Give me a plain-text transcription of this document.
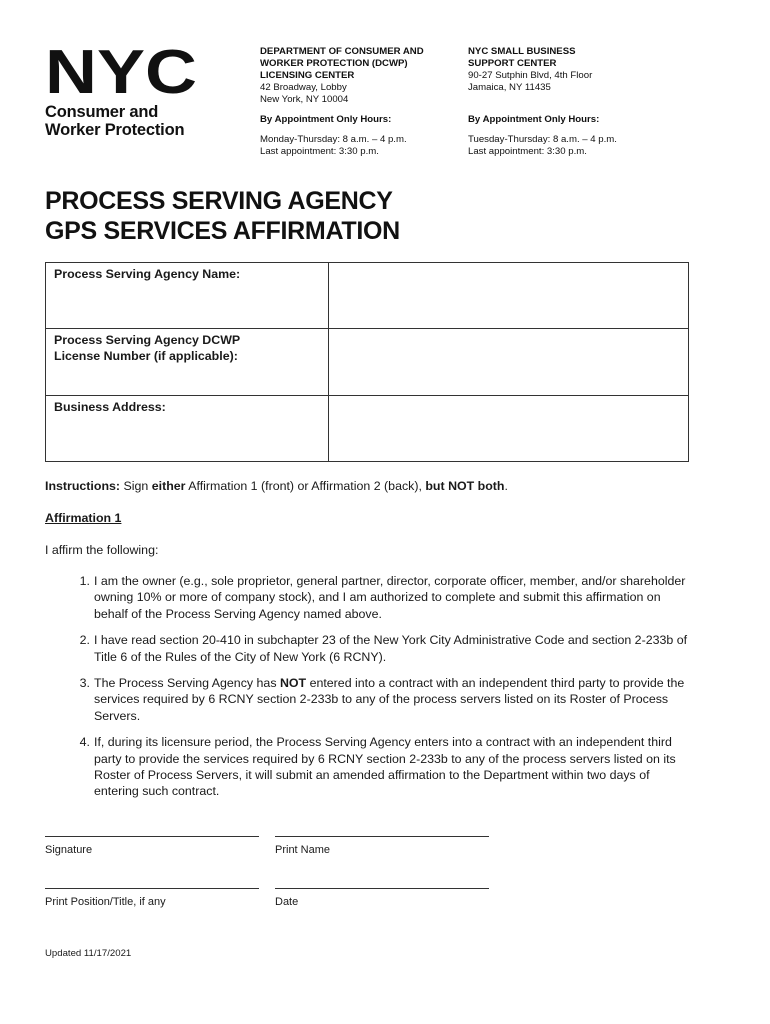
NYC
Consumer and
Worker Protection
DEPARTMENT OF CONSUMER AND
WORKER PROTECTION (DCWP)
LICENSING CENTER
42 Broadway, Lobby
New York, NY 10004
By Appointment Only Hours:
Monday-Thursday: 8 a.m. – 4 p.m.
Last appointment: 3:30 p.m.
NYC SMALL BUSINESS
SUPPORT CENTER
90-27 Sutphin Blvd, 4th Floor
Jamaica, NY 11435
By Appointment Only Hours:
Tuesday-Thursday: 8 a.m. – 4 p.m.
Last appointment: 3:30 p.m.
PROCESS SERVING AGENCY
GPS SERVICES AFFIRMATION
Process Serving Agency Name:	

Process Serving Agency DCWP
License Number (if applicable):	

Business Address:	
Instructions: Sign either Affirmation 1 (front) or Affirmation 2 (back), but NOT both.
Affirmation 1
I affirm the following:
1. I am the owner (e.g., sole proprietor, general partner, director, corporate officer, member, and/or shareholder owning 10% or more of company stock), and I am authorized to complete and submit this affirmation on behalf of the Process Serving Agency named above.
2. I have read section 20-410 in subchapter 23 of the New York City Administrative Code and section 2-233b of Title 6 of the Rules of the City of New York (6 RCNY).
3. The Process Serving Agency has NOT entered into a contract with an independent third party to provide the services required by 6 RCNY section 2-233b to any of the process servers listed on its Roster of Process Servers.
4. If, during its licensure period, the Process Serving Agency enters into a contract with an independent third party to provide the services required by 6 RCNY section 2-233b to any of the process servers listed on its Roster of Process Servers, it will submit an amended affirmation to the Department within two days of entering such contract.
Signature	Print Name
Print Position/Title, if any	Date
Updated 11/17/2021
